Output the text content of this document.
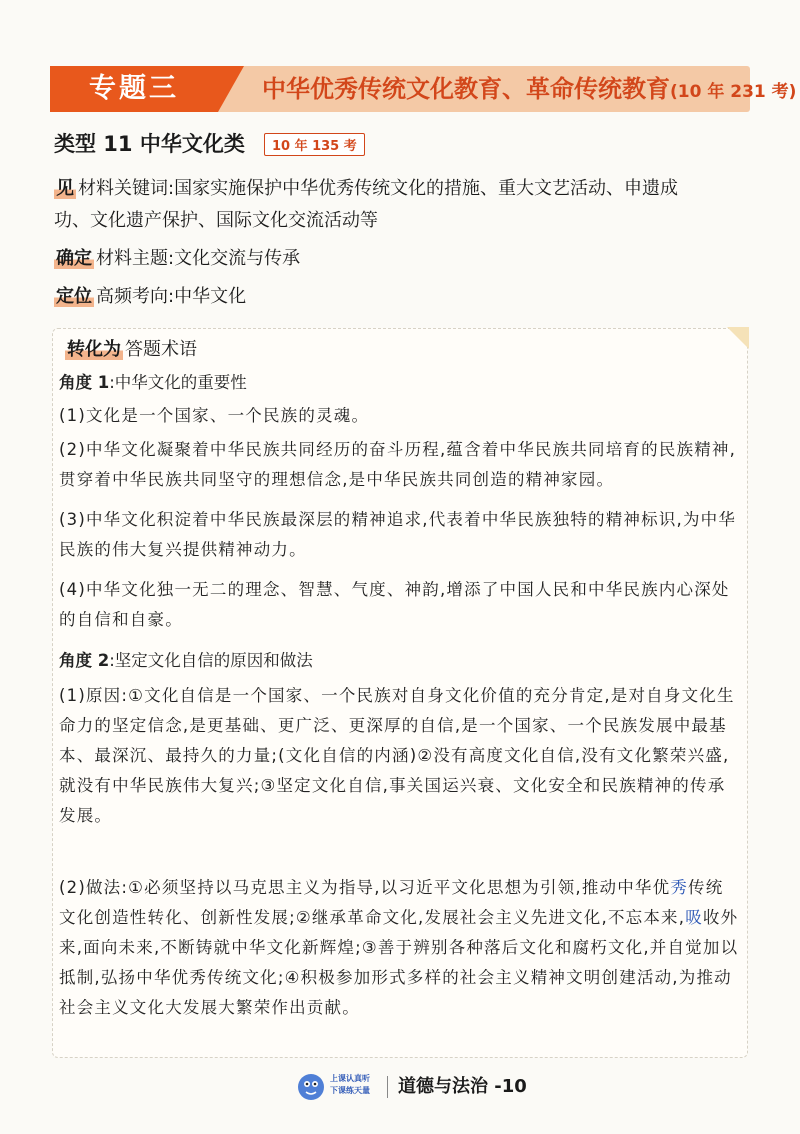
专题三	中华优秀传统文化教育、革命传统教育(10 年 231 考)
类型 11 中华文化类 10 年 135 考
见 材料关键词:国家实施保护中华优秀传统文化的措施、重大文艺活动、申遗成
功、文化遗产保护、国际文化交流活动等
确定 材料主题:文化交流与传承
定位 高频考向:中华文化
转化为 答题术语
角度 1:中华文化的重要性
(1)文化是一个国家、一个民族的灵魂。
(2)中华文化凝聚着中华民族共同经历的奋斗历程,蕴含着中华民族共同培育的民族精神,贯穿着中华民族共同坚守的理想信念,是中华民族共同创造的精神家园。
(3)中华文化积淀着中华民族最深层的精神追求,代表着中华民族独特的精神标识,为中华民族的伟大复兴提供精神动力。
(4)中华文化独一无二的理念、智慧、气度、神韵,增添了中国人民和中华民族内心深处的自信和自豪。
角度 2:坚定文化自信的原因和做法
(1)原因:①文化自信是一个国家、一个民族对自身文化价值的充分肯定,是对自身文化生命力的坚定信念,是更基础、更广泛、更深厚的自信,是一个国家、一个民族发展中最基本、最深沉、最持久的力量;(文化自信的内涵)②没有高度文化自信,没有文化繁荣兴盛,就没有中华民族伟大复兴;③坚定文化自信,事关国运兴衰、文化安全和民族精神的传承发展。
(2)做法:①必须坚持以马克思主义为指导,以习近平文化思想为引领,推动中华优秀传统文化创造性转化、创新性发展;②继承革命文化,发展社会主义先进文化,不忘本来,吸收外来,面向未来,不断铸就中华文化新辉煌;③善于辨别各种落后文化和腐朽文化,并自觉加以抵制,弘扬中华优秀传统文化;④积极参加形式多样的社会主义精神文明创建活动,为推动社会主义文化大发展大繁荣作出贡献。
上课认真听
下课练天量 道德与法治 -10
